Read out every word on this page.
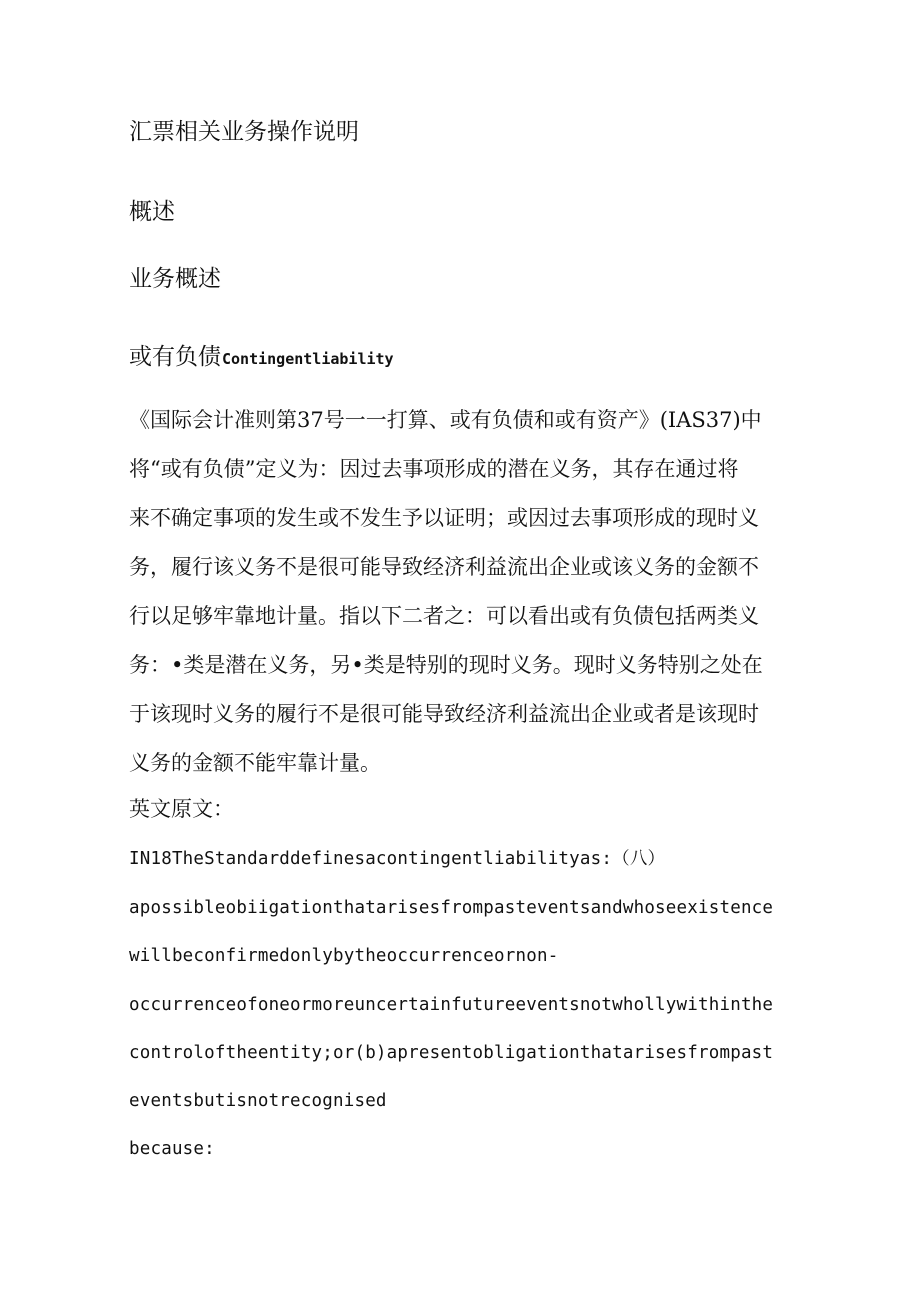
汇票相关业务操作说明
概述
业务概述
或有负债Contingentliability
《国际会计准则第37号一一打算、或有负债和或有资产》(IAS37)中
将“或有负债”定义为：因过去事项形成的潜在义务，其存在通过将
来不确定事项的发生或不发生予以证明；或因过去事项形成的现时义
务，履行该义务不是很可能导致经济利益流出企业或该义务的金额不
行以足够牢靠地计量。指以下二者之：可以看出或有负债包括两类义
务：•类是潜在义务，另•类是特别的现时义务。现时义务特别之处在
于该现时义务的履行不是很可能导致经济利益流出企业或者是该现时
义务的金额不能牢靠计量。
英文原文：
IN18TheStandarddefinesacontingentliabilityas:（八）
apossibleobiigationthatarisesfrompasteventsandwhoseexistence
willbeconfirmedonlybytheoccurrenceornon-
occurrenceofoneormoreuncertainfutureeventsnotwhollywithinthe
controloftheentity;or(b)apresentobligationthatarisesfrompast
eventsbutisnotrecognised
because:
